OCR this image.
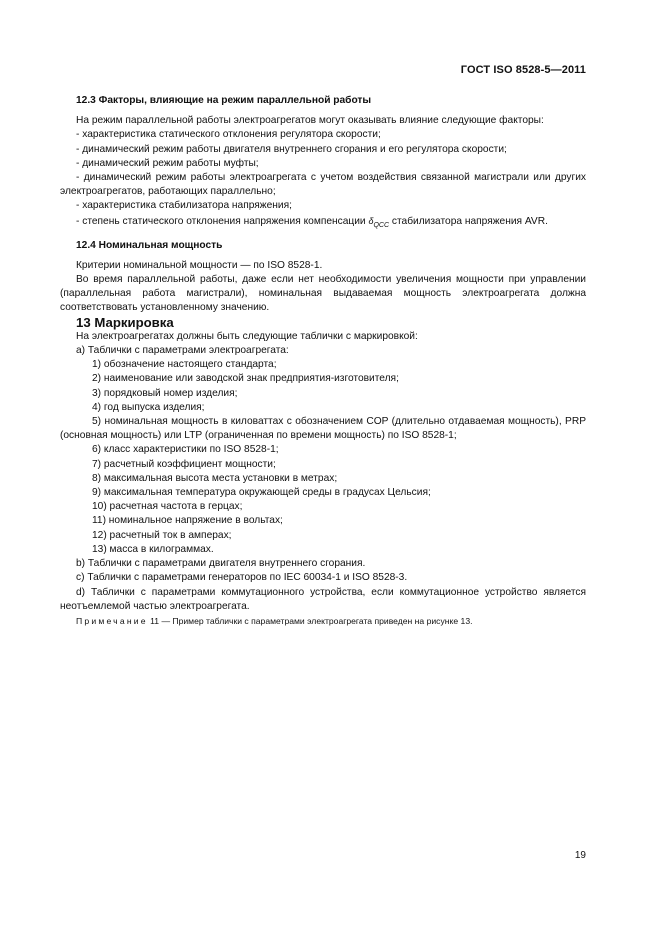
ГОСТ ISO 8528-5—2011

12.3 Факторы, влияющие на режим параллельной работы

На режим параллельной работы электроагрегатов могут оказывать влияние следующие факторы:

- характеристика статического отклонения регулятора скорости;

- динамический режим работы двигателя внутреннего сгорания и его регулятора скорости;

- динамический режим работы муфты;

- динамический режим работы электроагрегата с учетом воздействия связанной магистрали или других электроагрегатов, работающих параллельно;

- характеристика стабилизатора напряжения;

- степень статического отклонения напряжения компенсации $\delta_{QCC}$ стабилизатора напряжения AVR.

12.4 Номинальная мощность

Критерии номинальной мощности — по ISO 8528-1.

Во время параллельной работы, даже если нет необходимости увеличения мощности при управлении (параллельная работа магистрали), номинальная выдаваемая мощность электроагрегата должна соответствовать установленному значению.

13 Маркировка

На электроагрегатах должны быть следующие таблички с маркировкой:

а) Таблички с параметрами электроагрегата:

1) обозначение настоящего стандарта;

2) наименование или заводской знак предприятия-изготовителя;

3) порядковый номер изделия;

4) год выпуска изделия;

5) номинальная мощность в киловаттах с обозначением COP (длительно отдаваемая мощность), PRP (основная мощность) или LTP (ограниченная по времени мощность) по ISO 8528-1;

6) класс характеристики по ISO 8528-1;

7) расчетный коэффициент мощности;

8) максимальная высота места установки в метрах;

9) максимальная температура окружающей среды в градусах Цельсия;

10) расчетная частота в герцах;

11) номинальное напряжение в вольтах;

12) расчетный ток в амперах;

13) масса в килограммах.

b) Таблички с параметрами двигателя внутреннего сгорания.

c) Таблички с параметрами генераторов по IEC 60034-1 и ISO 8528-3.

d) Таблички с параметрами коммутационного устройства, если коммутационное устройство является неотъемлемой частью электроагрегата.

Примечание 11 — Пример таблички с параметрами электроагрегата приведен на рисунке 13.

19
